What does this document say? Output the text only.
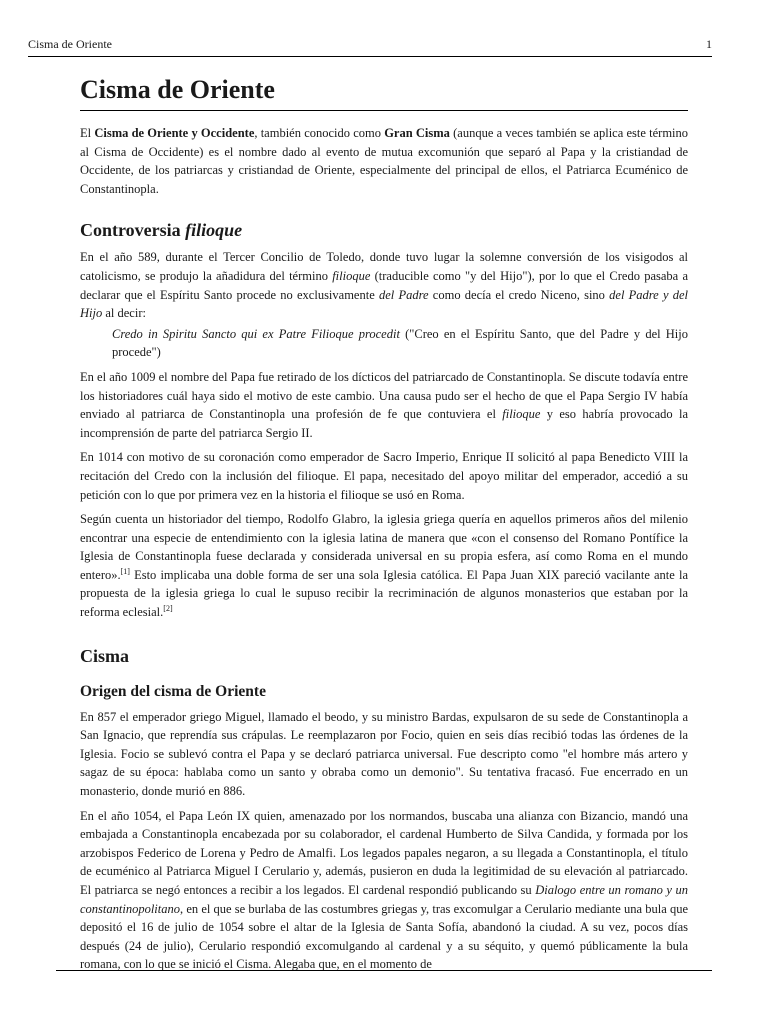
Cisma de Oriente	1
Cisma de Oriente

El Cisma de Oriente y Occidente, también conocido como Gran Cisma (aunque a veces también se aplica este término al Cisma de Occidente) es el nombre dado al evento de mutua excomunión que separó al Papa y la cristiandad de Occidente, de los patriarcas y cristiandad de Oriente, especialmente del principal de ellos, el Patriarca Ecuménico de Constantinopla.

Controversia filioque

En el año 589, durante el Tercer Concilio de Toledo, donde tuvo lugar la solemne conversión de los visigodos al catolicismo, se produjo la añadidura del término filioque (traducible como "y del Hijo"), por lo que el Credo pasaba a declarar que el Espíritu Santo procede no exclusivamente del Padre como decía el credo Niceno, sino del Padre y del Hijo al decir:

Credo in Spiritu Sancto qui ex Patre Filioque procedit ("Creo en el Espíritu Santo, que del Padre y del Hijo procede")

En el año 1009 el nombre del Papa fue retirado de los dícticos del patriarcado de Constantinopla. Se discute todavía entre los historiadores cuál haya sido el motivo de este cambio. Una causa pudo ser el hecho de que el Papa Sergio IV había enviado al patriarca de Constantinopla una profesión de fe que contuviera el filioque y eso habría provocado la incomprensión de parte del patriarca Sergio II.

En 1014 con motivo de su coronación como emperador de Sacro Imperio, Enrique II solicitó al papa Benedicto VIII la recitación del Credo con la inclusión del filioque. El papa, necesitado del apoyo militar del emperador, accedió a su petición con lo que por primera vez en la historia el filioque se usó en Roma.

Según cuenta un historiador del tiempo, Rodolfo Glabro, la iglesia griega quería en aquellos primeros años del milenio encontrar una especie de entendimiento con la iglesia latina de manera que «con el consenso del Romano Pontífice la Iglesia de Constantinopla fuese declarada y considerada universal en su propia esfera, así como Roma en el mundo entero».[1] Esto implicaba una doble forma de ser una sola Iglesia católica. El Papa Juan XIX pareció vacilante ante la propuesta de la iglesia griega lo cual le supuso recibir la recriminación de algunos monasterios que estaban por la reforma eclesial.[2]

Cisma
Origen del cisma de Oriente

En 857 el emperador griego Miguel, llamado el beodo, y su ministro Bardas, expulsaron de su sede de Constantinopla a San Ignacio, que reprendía sus crápulas. Le reemplazaron por Focio, quien en seis días recibió todas las órdenes de la Iglesia. Focio se sublevó contra el Papa y se declaró patriarca universal. Fue descripto como "el hombre más artero y sagaz de su época: hablaba como un santo y obraba como un demonio". Su tentativa fracasó. Fue encerrado en un monasterio, donde murió en 886.

En el año 1054, el Papa León IX quien, amenazado por los normandos, buscaba una alianza con Bizancio, mandó una embajada a Constantinopla encabezada por su colaborador, el cardenal Humberto de Silva Candida, y formada por los arzobispos Federico de Lorena y Pedro de Amalfi. Los legados papales negaron, a su llegada a Constantinopla, el título de ecuménico al Patriarca Miguel I Cerulario y, además, pusieron en duda la legitimidad de su elevación al patriarcado. El patriarca se negó entonces a recibir a los legados. El cardenal respondió publicando su Dialogo entre un romano y un constantinopolitano, en el que se burlaba de las costumbres griegas y, tras excomulgar a Cerulario mediante una bula que depositó el 16 de julio de 1054 sobre el altar de la Iglesia de Santa Sofía, abandonó la ciudad. A su vez, pocos días después (24 de julio), Cerulario respondió excomulgando al cardenal y a su séquito, y quemó públicamente la bula romana, con lo que se inició el Cisma. Alegaba que, en el momento de
